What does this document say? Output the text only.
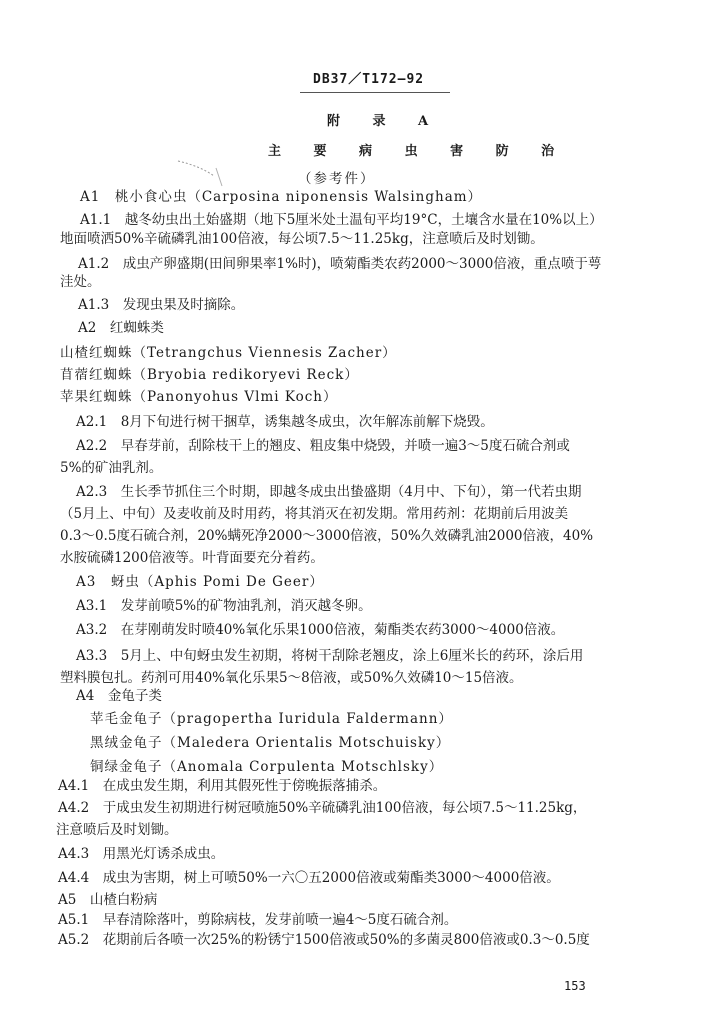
DB37／T172—92
附 录 A
主 要 病 虫 害 防 治
（参考件）
A1　桃小食心虫（Carposina niponensis Walsingham）
A1.1　越冬幼虫出土始盛期（地下5厘米处土温旬平均19°C，土壤含水量在10%以上）
地面喷洒50%辛硫磷乳油100倍液，每公顷7.5～11.25kg，注意喷后及时划锄。
A1.2　成虫产卵盛期(田间卵果率1%时)，喷菊酯类农药2000～3000倍液，重点喷于萼
洼处。
A1.3　发现虫果及时摘除。
A2　红蜘蛛类
山楂红蜘蛛（Tetrangchus Viennesis Zacher）
苜蓿红蜘蛛（Bryobia redikoryevi Reck）
苹果红蜘蛛（Panonyohus Vlmi Koch）
A2.1　8月下旬进行树干捆草，诱集越冬成虫，次年解冻前解下烧毁。
A2.2　早春芽前，刮除枝干上的翘皮、粗皮集中烧毁，并喷一遍3～5度石硫合剂或
5%的矿油乳剂。
A2.3　生长季节抓住三个时期，即越冬成虫出蛰盛期（4月中、下旬），第一代若虫期
（5月上、中旬）及麦收前及时用药，将其消灭在初发期。常用药剂：花期前后用波美
0.3～0.5度石硫合剂，20%螨死净2000～3000倍液，50%久效磷乳油2000倍液，40%
水胺硫磷1200倍液等。叶背面要充分着药。
A3　蚜虫（Aphis Pomi De Geer）
A3.1　发芽前喷5%的矿物油乳剂，消灭越冬卵。
A3.2　在芽刚萌发时喷40%氧化乐果1000倍液，菊酯类农药3000～4000倍液。
A3.3　5月上、中旬蚜虫发生初期，将树干刮除老翘皮，涂上6厘米长的药环，涂后用
塑料膜包扎。药剂可用40%氧化乐果5～8倍液，或50%久效磷10～15倍液。
A4　金龟子类
苹毛金龟子（pragopertha Iuridula Faldermann）
黑绒金龟子（Maledera Orientalis Motschuisky）
铜绿金龟子（Anomala Corpulenta Motschlsky）
A4.1　在成虫发生期，利用其假死性于傍晚振落捕杀。
A4.2　于成虫发生初期进行树冠喷施50%辛硫磷乳油100倍液，每公顷7.5～11.25kg，
注意喷后及时划锄。
A4.3　用黑光灯诱杀成虫。
A4.4　成虫为害期，树上可喷50%一六〇五2000倍液或菊酯类3000～4000倍液。
A5　山楂白粉病
A5.1　早春清除落叶，剪除病枝，发芽前喷一遍4～5度石硫合剂。
A5.2　花期前后各喷一次25%的粉锈宁1500倍液或50%的多菌灵800倍液或0.3～0.5度
153
